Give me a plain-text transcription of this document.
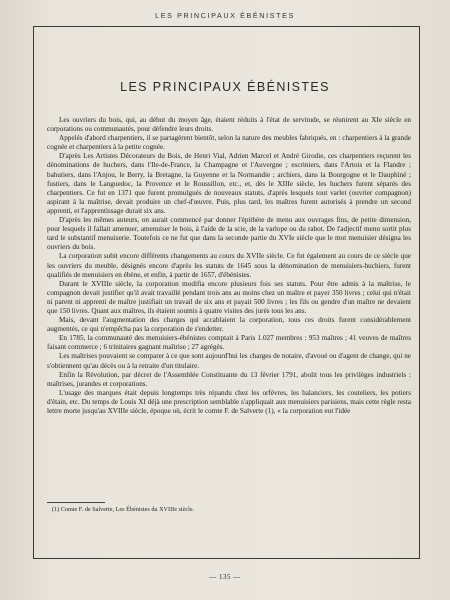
LES PRINCIPAUX ÉBÉNISTES
LES PRINCIPAUX ÉBÉNISTES

Les ouvriers du bois, qui, au début du moyen âge, étaient réduits à l'état de servitude, se réunirent au XIe siècle en corporations ou communautés, pour défendre leurs droits.

Appelés d'abord charpentiers, il se partagèrent bientôt, selon la nature des meubles fabriqués, en : charpentiers à la grande cognée et charpentiers à la petite cognée.

D'après Les Artistes Décorateurs du Bois, de Henri Vial, Adrien Marcel et André Girodie, ces charpentiers reçurent les dénominations de huchers, dans l'Ile-de-France, la Champagne et l'Auvergne ; escriniers, dans l'Artois et la Flandre ; bahutiers, dans l'Anjou, le Berry, la Bretagne, la Guyenne et la Normandie ; archiers, dans la Bourgogne et le Dauphiné ; fustiers, dans le Languedoc, la Provence et le Roussillon, etc., et, dès le XIIIe siècle, les huchers furent séparés des charpentiers. Ce fut en 1371 que furent promulgués de nouveaux statuts, d'après lesquels tout varlet (ouvrier compagnon) aspirant à la maîtrise, devait produire un chef-d'œuvre. Puis, plus tard, les maîtres furent autorisés à prendre un second apprenti, et l'apprentissage durait six ans.

D'après les mêmes auteurs, on aurait commencé par donner l'épithète de menu aux ouvrages fins, de petite dimension, pour lesquels il fallait amenuer, amenuiser le bois, à l'aide de la scie, de la varlope ou du rabot. De l'adjectif menu sortit plus tard le substantif menuiserie. Toutefois ce ne fut que dans la seconde partie du XVIe siècle que le mot menuisier désigna les ouvriers du bois.

La corporation subit encore différents changements au cours du XVIIe siècle. Ce fut également au cours de ce siècle que les ouvriers du meuble, désignés encore d'après les statuts de 1645 sous la dénomination de menuisiers-huchiers, furent qualifiés de menuisiers en ébène, et enfin, à partir de 1657, d'ébénistes.

Durant le XVIIIe siècle, la corporation modifia encore plusieurs fois ses statuts. Pour être admis à la maîtrise, le compagnon devait justifier qu'il avait travaillé pendant trois ans au moins chez un maître et payer 350 livres ; celui qui n'était ni parent ni apprenti de maître justifiait un travail de six ans et payait 500 livres ; les fils ou gendre d'un maître ne devaient que 150 livres. Quant aux maîtres, ils étaient soumis à quatre visites des jurés tous les ans.

Mais, devant l'augmentation des charges qui accablaient la corporation, tous ces droits furent considérablement augmentés, ce qui n'empêcha pas la corporation de s'endetter.

En 1785, la communauté des menuisiers-ébénistes comptait à Paris 1.027 membres : 953 maîtres ; 41 veuves de maîtres faisant commerce ; 6 trinitaires gagnant maîtrise ; 27 agrégés.

Les maîtrises pouvaient se comparer à ce que sont aujourd'hui les charges de notaire, d'avoué ou d'agent de change, qui ne s'obtiennent qu'au décès ou à la retraite d'un titulaire.

Enfin la Révolution, par décret de l'Assemblée Constituante du 13 février 1791, abolit tous les privilèges industriels : maîtrises, jurandes et corporations.

L'usage des marques était depuis longtemps très répandu chez les orfèvres, les balanciers, les couteliers, les potiers d'étain, etc. Du temps de Louis XI déjà une prescription semblable s'appliquait aux menuisiers parisiens, mais cette règle resta lettre morte jusqu'au XVIIIe siècle, époque où, écrit le comte F. de Salverte (1), « la corporation eut l'idée

(1) Comte F. de Salverte, Les Ébénistes du XVIIIe siècle.
— 135 —
